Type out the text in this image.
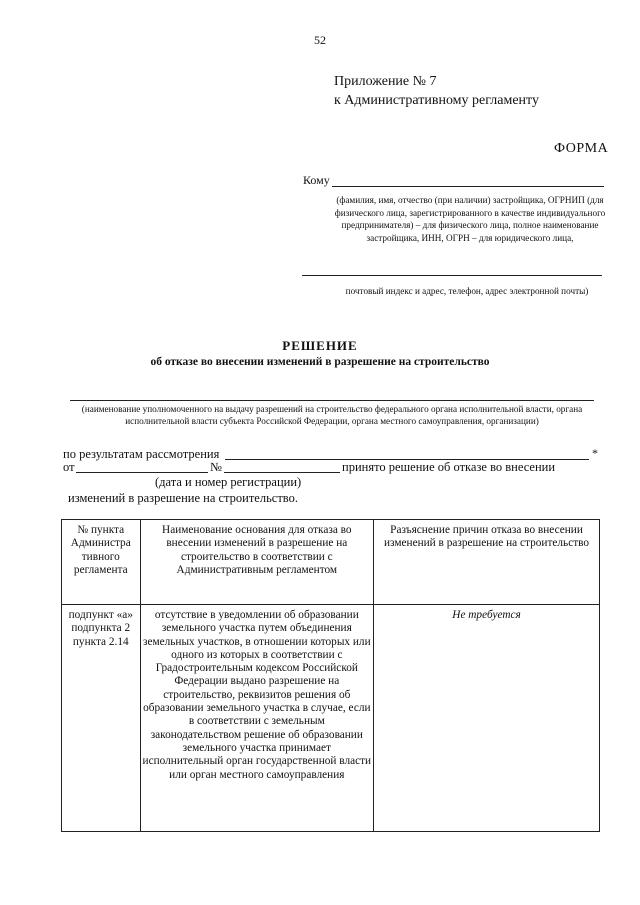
52
Приложение № 7
к Административному регламенту
ФОРМА
Кому
(фамилия, имя, отчество (при наличии) застройщика, ОГРНИП (для физического лица, зарегистрированного в качестве индивидуального предпринимателя) – для физического лица, полное наименование застройщика, ИНН, ОГРН – для юридического лица,
почтовый индекс и адрес, телефон, адрес электронной почты)
РЕШЕНИЕ
об отказе во внесении изменений в разрешение на строительство
(наименование уполномоченного на выдачу разрешений на строительство федерального органа исполнительной власти, органа исполнительной власти субъекта Российской Федерации, органа местного самоуправления, организации)
по результатам рассмотрения	*
от	№	принято решение об отказе во внесении
(дата и номер регистрации)
изменений в разрешение на строительство.
№ пункта Администра тивного регламента	Наименование основания для отказа во внесении изменений в разрешение на строительство в соответствии с Административным регламентом	Разъяснение причин отказа во внесении изменений в разрешение на строительство
подпункт «а» подпункта 2 пункта 2.14	отсутствие в уведомлении об образовании земельного участка путем объединения земельных участков, в отношении которых или одного из которых в соответствии с Градостроительным кодексом Российской Федерации выдано разрешение на строительство, реквизитов решения об образовании земельного участка в случае, если в соответствии с земельным законодательством решение об образовании земельного участка принимает исполнительный орган государственной власти или орган местного самоуправления	Не требуется
